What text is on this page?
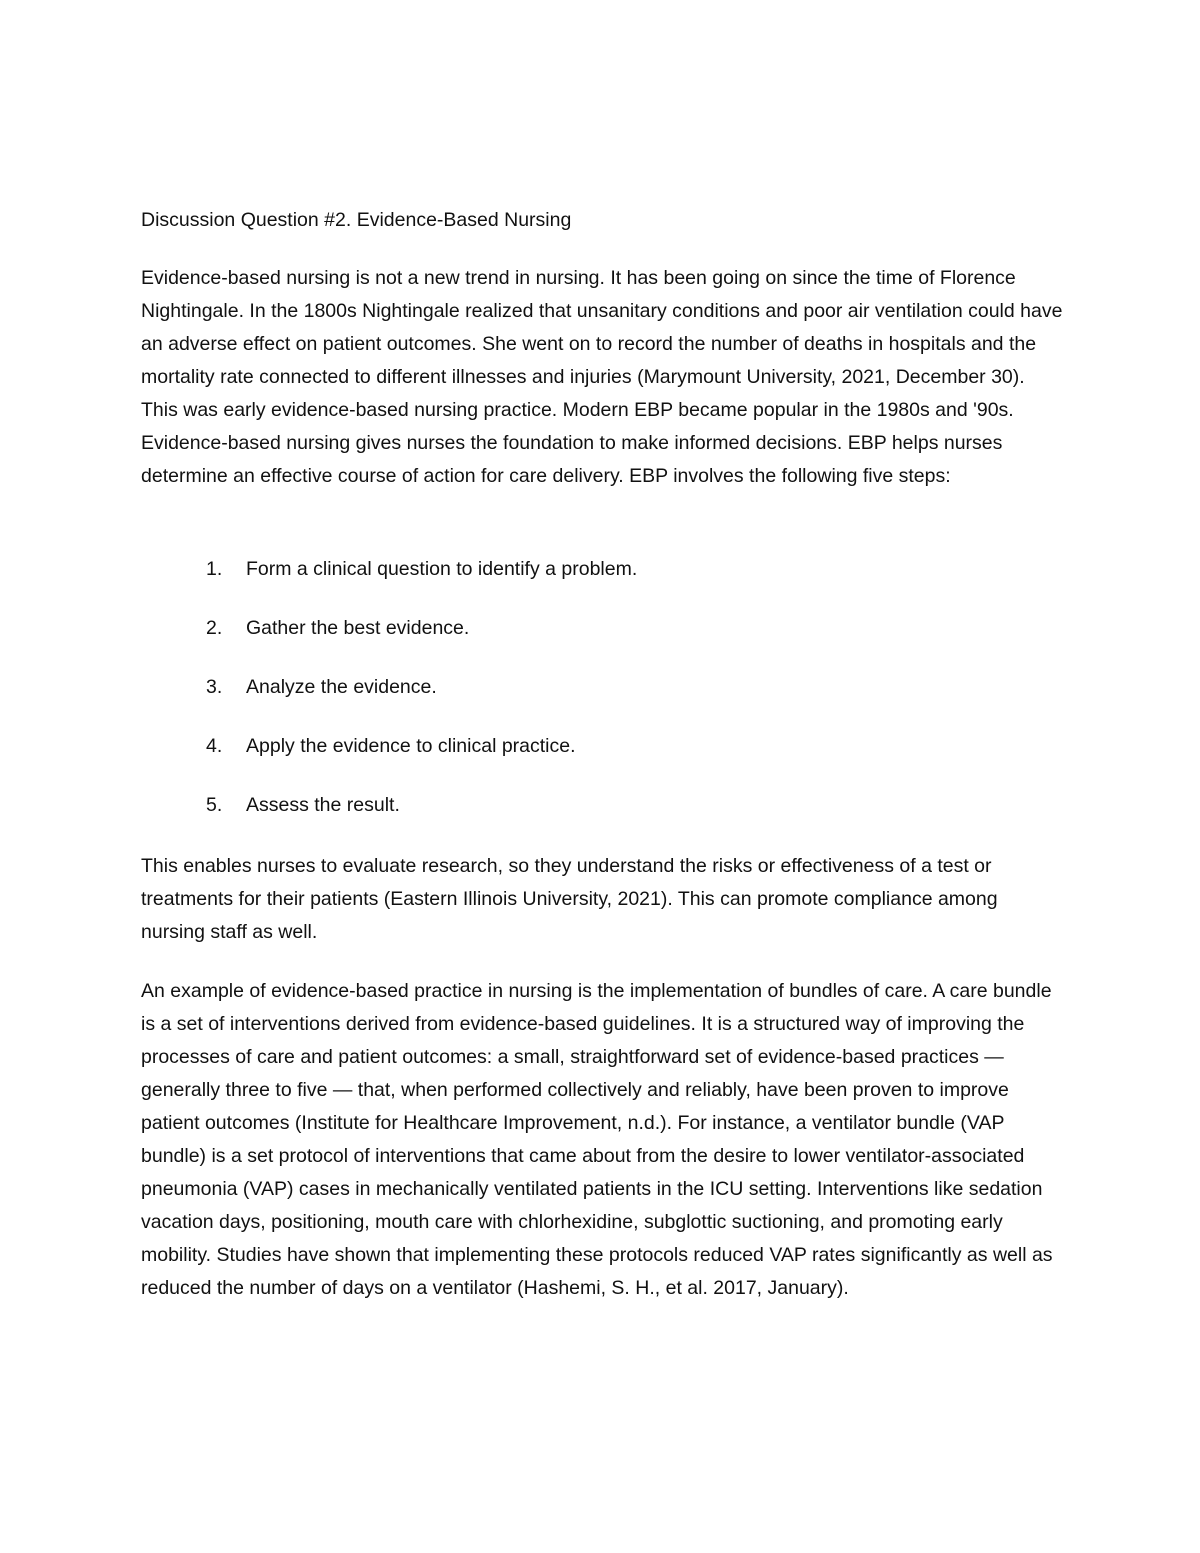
Discussion Question #2. Evidence-Based Nursing

Evidence-based nursing is not a new trend in nursing. It has been going on since the time of Florence Nightingale. In the 1800s Nightingale realized that unsanitary conditions and poor air ventilation could have an adverse effect on patient outcomes. She went on to record the number of deaths in hospitals and the mortality rate connected to different illnesses and injuries (Marymount University, 2021, December 30). This was early evidence-based nursing practice. Modern EBP became popular in the 1980s and '90s. Evidence-based nursing gives nurses the foundation to make informed decisions. EBP helps nurses determine an effective course of action for care delivery. EBP involves the following five steps:

1. Form a clinical question to identify a problem.
2. Gather the best evidence.
3. Analyze the evidence.
4. Apply the evidence to clinical practice.
5. Assess the result.

This enables nurses to evaluate research, so they understand the risks or effectiveness of a test or treatments for their patients (Eastern Illinois University, 2021). This can promote compliance among nursing staff as well.

An example of evidence-based practice in nursing is the implementation of bundles of care. A care bundle is a set of interventions derived from evidence-based guidelines. It is a structured way of improving the processes of care and patient outcomes: a small, straightforward set of evidence-based practices — generally three to five — that, when performed collectively and reliably, have been proven to improve patient outcomes (Institute for Healthcare Improvement, n.d.). For instance, a ventilator bundle (VAP bundle) is a set protocol of interventions that came about from the desire to lower ventilator-associated pneumonia (VAP) cases in mechanically ventilated patients in the ICU setting. Interventions like sedation vacation days, positioning, mouth care with chlorhexidine, subglottic suctioning, and promoting early mobility. Studies have shown that implementing these protocols reduced VAP rates significantly as well as reduced the number of days on a ventilator (Hashemi, S. H., et al. 2017, January).
